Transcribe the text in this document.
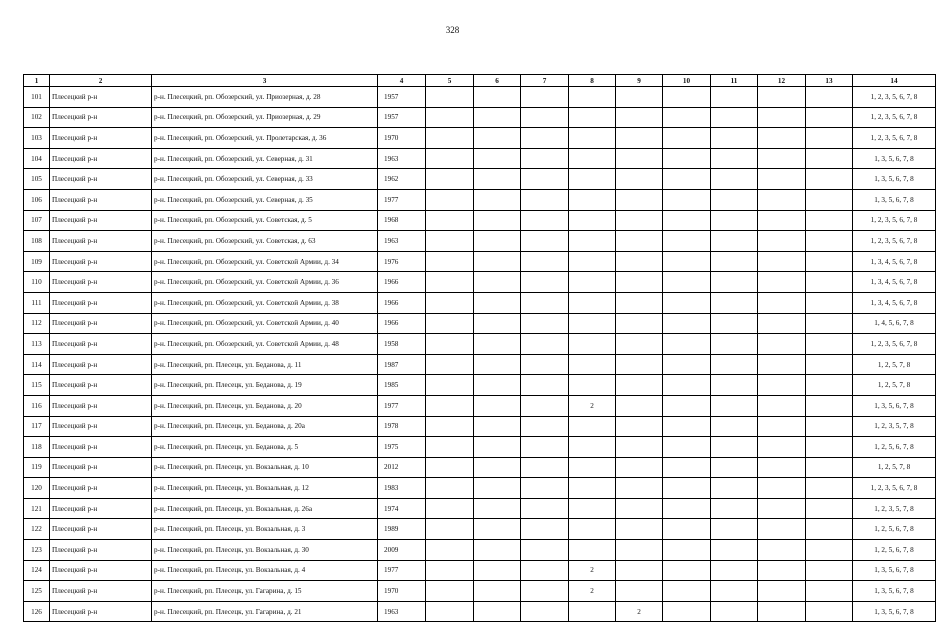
328
1	2	3	4	5	6	7	8	9	10	11	12	13	14
101	Плесецкий р-н	р-н. Плесецкий, рп. Обозерский, ул. Приозерная, д. 28	1957										1, 2, 3, 5, 6, 7, 8
102	Плесецкий р-н	р-н. Плесецкий, рп. Обозерский, ул. Приозерная, д. 29	1957										1, 2, 3, 5, 6, 7, 8
103	Плесецкий р-н	р-н. Плесецкий, рп. Обозерский, ул. Пролетарская, д. 36	1970										1, 2, 3, 5, 6, 7, 8
104	Плесецкий р-н	р-н. Плесецкий, рп. Обозерский, ул. Северная, д. 31	1963										1, 3, 5, 6, 7, 8
105	Плесецкий р-н	р-н. Плесецкий, рп. Обозерский, ул. Северная, д. 33	1962										1, 3, 5, 6, 7, 8
106	Плесецкий р-н	р-н. Плесецкий, рп. Обозерский, ул. Северная, д. 35	1977										1, 3, 5, 6, 7, 8
107	Плесецкий р-н	р-н. Плесецкий, рп. Обозерский, ул. Советская, д. 5	1968										1, 2, 3, 5, 6, 7, 8
108	Плесецкий р-н	р-н. Плесецкий, рп. Обозерский, ул. Советская, д. 63	1963										1, 2, 3, 5, 6, 7, 8
109	Плесецкий р-н	р-н. Плесецкий, рп. Обозерский, ул. Советской Армии, д. 34	1976										1, 3, 4, 5, 6, 7, 8
110	Плесецкий р-н	р-н. Плесецкий, рп. Обозерский, ул. Советской Армии, д. 36	1966										1, 3, 4, 5, 6, 7, 8
111	Плесецкий р-н	р-н. Плесецкий, рп. Обозерский, ул. Советской Армии, д. 38	1966										1, 3, 4, 5, 6, 7, 8
112	Плесецкий р-н	р-н. Плесецкий, рп. Обозерский, ул. Советской Армии, д. 40	1966										1, 4, 5, 6, 7, 8
113	Плесецкий р-н	р-н. Плесецкий, рп. Обозерский, ул. Советской Армии, д. 48	1958										1, 2, 3, 5, 6, 7, 8
114	Плесецкий р-н	р-н. Плесецкий, рп. Плесецк, ул. Беданова, д. 11	1987										1, 2, 5, 7, 8
115	Плесецкий р-н	р-н. Плесецкий, рп. Плесецк, ул. Беданова, д. 19	1985										1, 2, 5, 7, 8
116	Плесецкий р-н	р-н. Плесецкий, рп. Плесецк, ул. Беданова, д. 20	1977				2						1, 3, 5, 6, 7, 8
117	Плесецкий р-н	р-н. Плесецкий, рп. Плесецк, ул. Беданова, д. 20а	1978										1, 2, 3, 5, 7, 8
118	Плесецкий р-н	р-н. Плесецкий, рп. Плесецк, ул. Беданова, д. 5	1975										1, 2, 5, 6, 7, 8
119	Плесецкий р-н	р-н. Плесецкий, рп. Плесецк, ул. Вокзальная, д. 10	2012										1, 2, 5, 7, 8
120	Плесецкий р-н	р-н. Плесецкий, рп. Плесецк, ул. Вокзальная, д. 12	1983										1, 2, 3, 5, 6, 7, 8
121	Плесецкий р-н	р-н. Плесецкий, рп. Плесецк, ул. Вокзальная, д. 26а	1974										1, 2, 3, 5, 7, 8
122	Плесецкий р-н	р-н. Плесецкий, рп. Плесецк, ул. Вокзальная, д. 3	1989										1, 2, 5, 6, 7, 8
123	Плесецкий р-н	р-н. Плесецкий, рп. Плесецк, ул. Вокзальная, д. 30	2009										1, 2, 5, 6, 7, 8
124	Плесецкий р-н	р-н. Плесецкий, рп. Плесецк, ул. Вокзальная, д. 4	1977				2						1, 3, 5, 6, 7, 8
125	Плесецкий р-н	р-н. Плесецкий, рп. Плесецк, ул. Гагарина, д. 15	1970				2						1, 3, 5, 6, 7, 8
126	Плесецкий р-н	р-н. Плесецкий, рп. Плесецк, ул. Гагарина, д. 21	1963					2					1, 3, 5, 6, 7, 8
